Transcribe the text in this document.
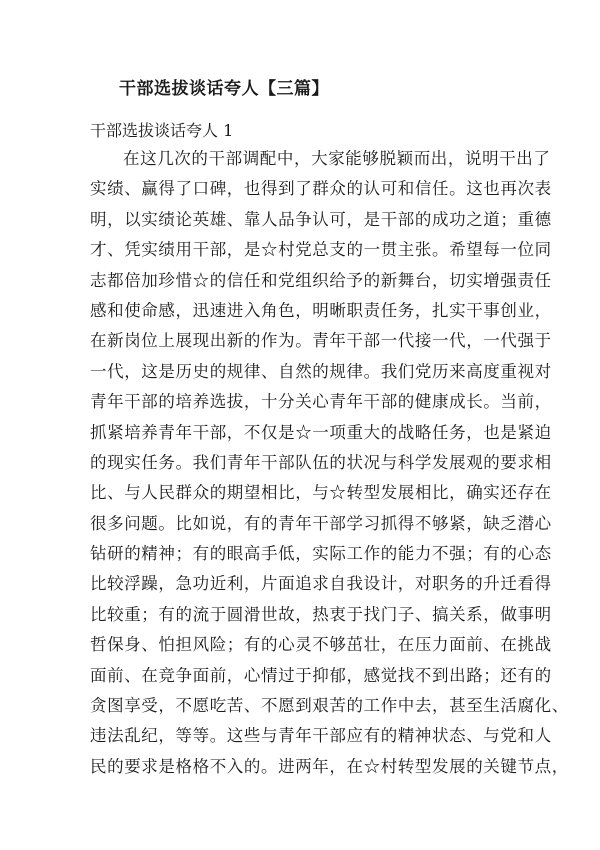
干部选拔谈话夸人【三篇】
干部选拔谈话夸人 1
在这几次的干部调配中，大家能够脱颖而出，说明干出了
实绩、赢得了口碑，也得到了群众的认可和信任。这也再次表
明，以实绩论英雄、靠人品争认可，是干部的成功之道；重德
才、凭实绩用干部，是☆村党总支的一贯主张。希望每一位同
志都倍加珍惜☆的信任和党组织给予的新舞台，切实增强责任
感和使命感，迅速进入角色，明晰职责任务，扎实干事创业，
在新岗位上展现出新的作为。青年干部一代接一代，一代强于
一代，这是历史的规律、自然的规律。我们党历来高度重视对
青年干部的培养选拔，十分关心青年干部的健康成长。当前，
抓紧培养青年干部，不仅是☆一项重大的战略任务，也是紧迫
的现实任务。我们青年干部队伍的状况与科学发展观的要求相
比、与人民群众的期望相比，与☆转型发展相比，确实还存在
很多问题。比如说，有的青年干部学习抓得不够紧，缺乏潜心
钻研的精神；有的眼高手低，实际工作的能力不强；有的心态
比较浮躁，急功近利，片面追求自我设计，对职务的升迁看得
比较重；有的流于圆滑世故，热衷于找门子、搞关系，做事明
哲保身、怕担风险；有的心灵不够茁壮，在压力面前、在挑战
面前、在竞争面前，心情过于抑郁，感觉找不到出路；还有的
贪图享受，不愿吃苦、不愿到艰苦的工作中去，甚至生活腐化、
违法乱纪，等等。这些与青年干部应有的精神状态、与党和人
民的要求是格格不入的。进两年，在☆村转型发展的关键节点，
